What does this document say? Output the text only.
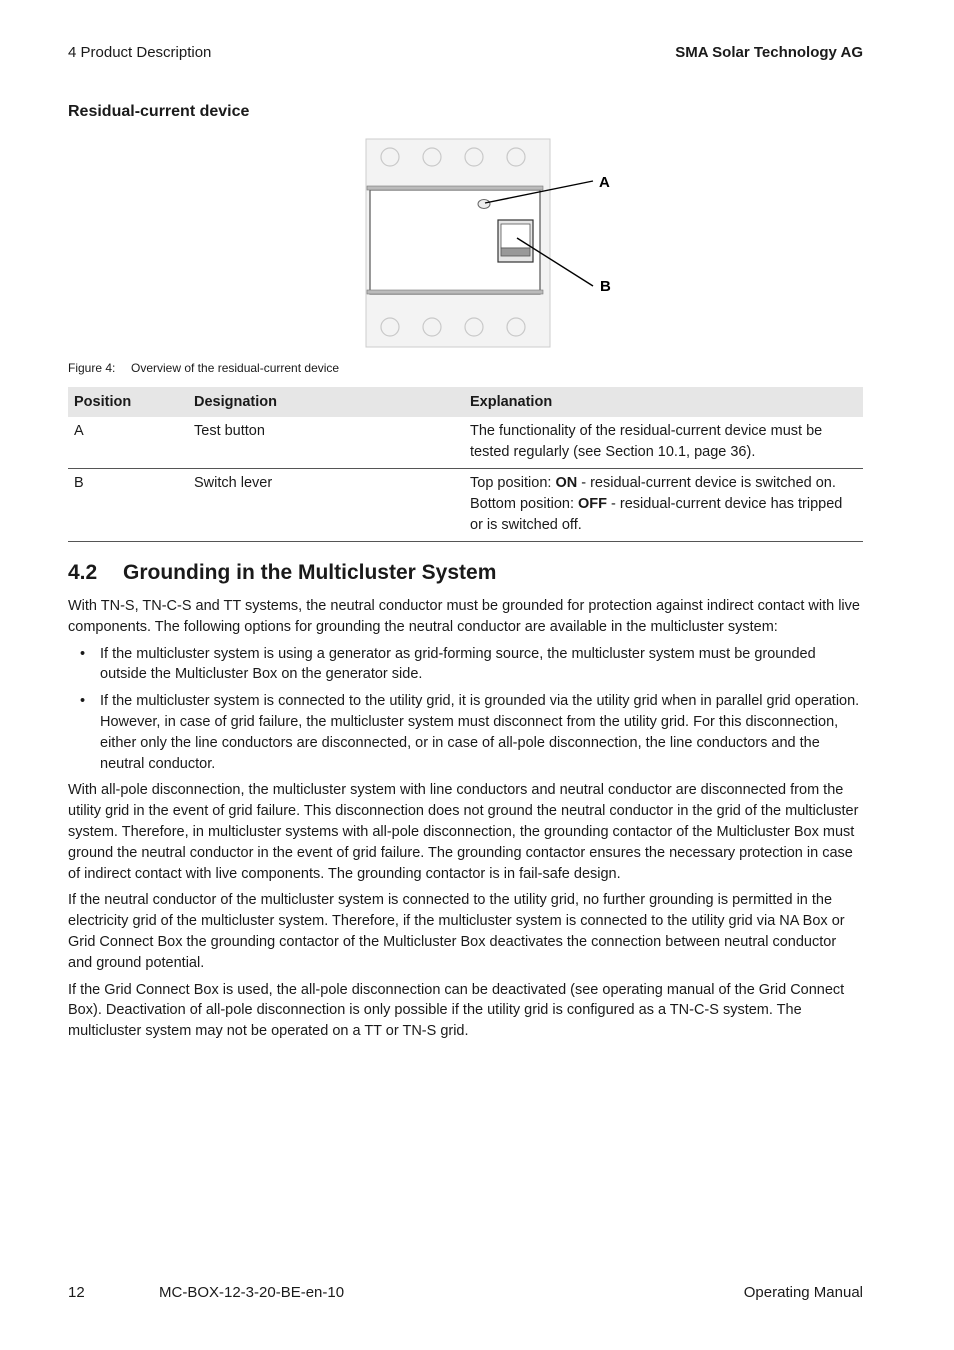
4 Product Description	SMA Solar Technology AG
Residual-current device
A
B
Figure 4: Overview of the residual-current device
Position	Designation	Explanation
A	Test button	The functionality of the residual-current device must be tested regularly (see Section 10.1, page 36).
B	Switch lever	Top position: ON - residual-current device is switched on.
Bottom position: OFF - residual-current device has tripped or is switched off.
4.2 Grounding in the Multicluster System

With TN-S, TN-C-S and TT systems, the neutral conductor must be grounded for protection against indirect contact with live components. The following options for grounding the neutral conductor are available in the multicluster system:

• If the multicluster system is using a generator as grid-forming source, the multicluster system must be grounded outside the Multicluster Box on the generator side.
• If the multicluster system is connected to the utility grid, it is grounded via the utility grid when in parallel grid operation. However, in case of grid failure, the multicluster system must disconnect from the utility grid. For this disconnection, either only the line conductors are disconnected, or in case of all-pole disconnection, the line conductors and the neutral conductor.

With all-pole disconnection, the multicluster system with line conductors and neutral conductor are disconnected from the utility grid in the event of grid failure. This disconnection does not ground the neutral conductor in the grid of the multicluster system. Therefore, in multicluster systems with all-pole disconnection, the grounding contactor of the Multicluster Box must ground the neutral conductor in the event of grid failure. The grounding contactor ensures the necessary protection in case of indirect contact with live components. The grounding contactor is in fail-safe design.

If the neutral conductor of the multicluster system is connected to the utility grid, no further grounding is permitted in the electricity grid of the multicluster system. Therefore, if the multicluster system is connected to the utility grid via NA Box or Grid Connect Box the grounding contactor of the Multicluster Box deactivates the connection between neutral conductor and ground potential.

If the Grid Connect Box is used, the all-pole disconnection can be deactivated (see operating manual of the Grid Connect Box). Deactivation of all-pole disconnection is only possible if the utility grid is configured as a TN-C-S system. The multicluster system may not be operated on a TT or TN-S grid.

12	MC-BOX-12-3-20-BE-en-10	Operating Manual
